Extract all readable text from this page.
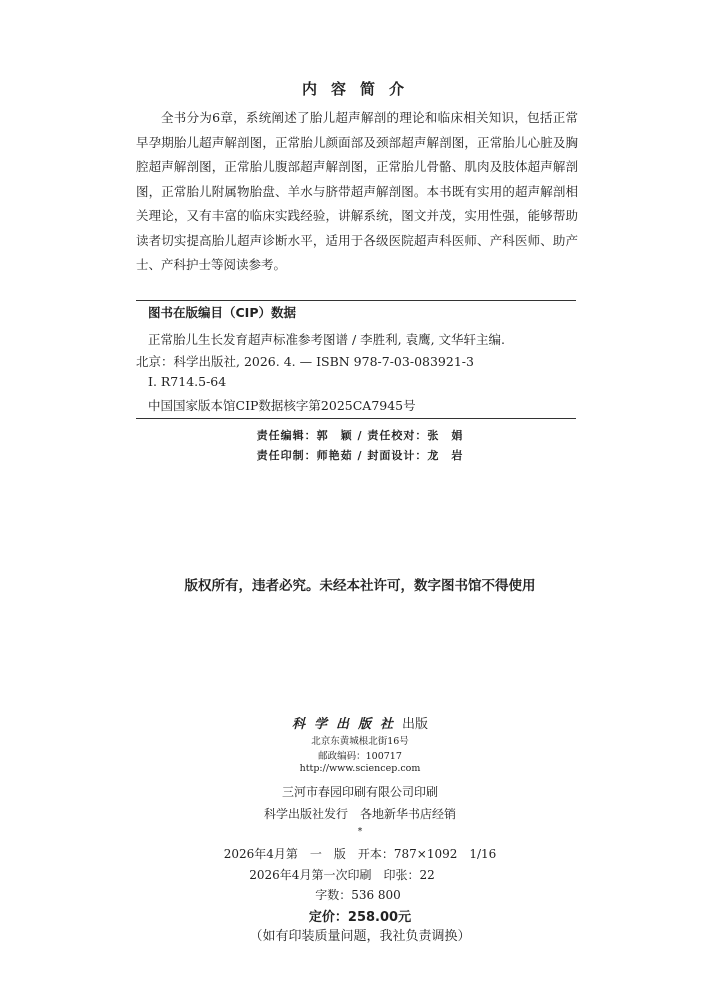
内容简介

全书分为6章，系统阐述了胎儿超声解剖的理论和临床相关知识，包括正常早孕期胎儿超声解剖图，正常胎儿颜面部及颈部超声解剖图，正常胎儿心脏及胸腔超声解剖图，正常胎儿腹部超声解剖图，正常胎儿骨骼、肌肉及肢体超声解剖图，正常胎儿附属物胎盘、羊水与脐带超声解剖图。本书既有实用的超声解剖相关理论，又有丰富的临床实践经验，讲解系统，图文并茂，实用性强，能够帮助读者切实提高胎儿超声诊断水平，适用于各级医院超声科医师、产科医师、助产士、产科护士等阅读参考。

图书在版编目（CIP）数据
正常胎儿生长发育超声标准参考图谱 / 李胜利, 袁鹰, 文华轩主编.
北京：科学出版社, 2026. 4. — ISBN 978-7-03-083921-3
Ⅰ. R714.5-64
中国国家版本馆CIP数据核字第2025CA7945号
责任编辑：郭　颖 / 责任校对：张　娟
责任印制：师艳茹 / 封面设计：龙　岩
版权所有，违者必究。未经本社许可，数字图书馆不得使用
科学出版社出版
北京东黄城根北街16号
邮政编码：100717
http://www.sciencep.com
三河市春园印刷有限公司印刷
科学出版社发行　各地新华书店经销
*
2026年4月第　一　版　开本：787×1092　1/16
2026年4月第一次印刷　印张：22
字数：536 800
定价：258.00元
（如有印装质量问题，我社负责调换）
